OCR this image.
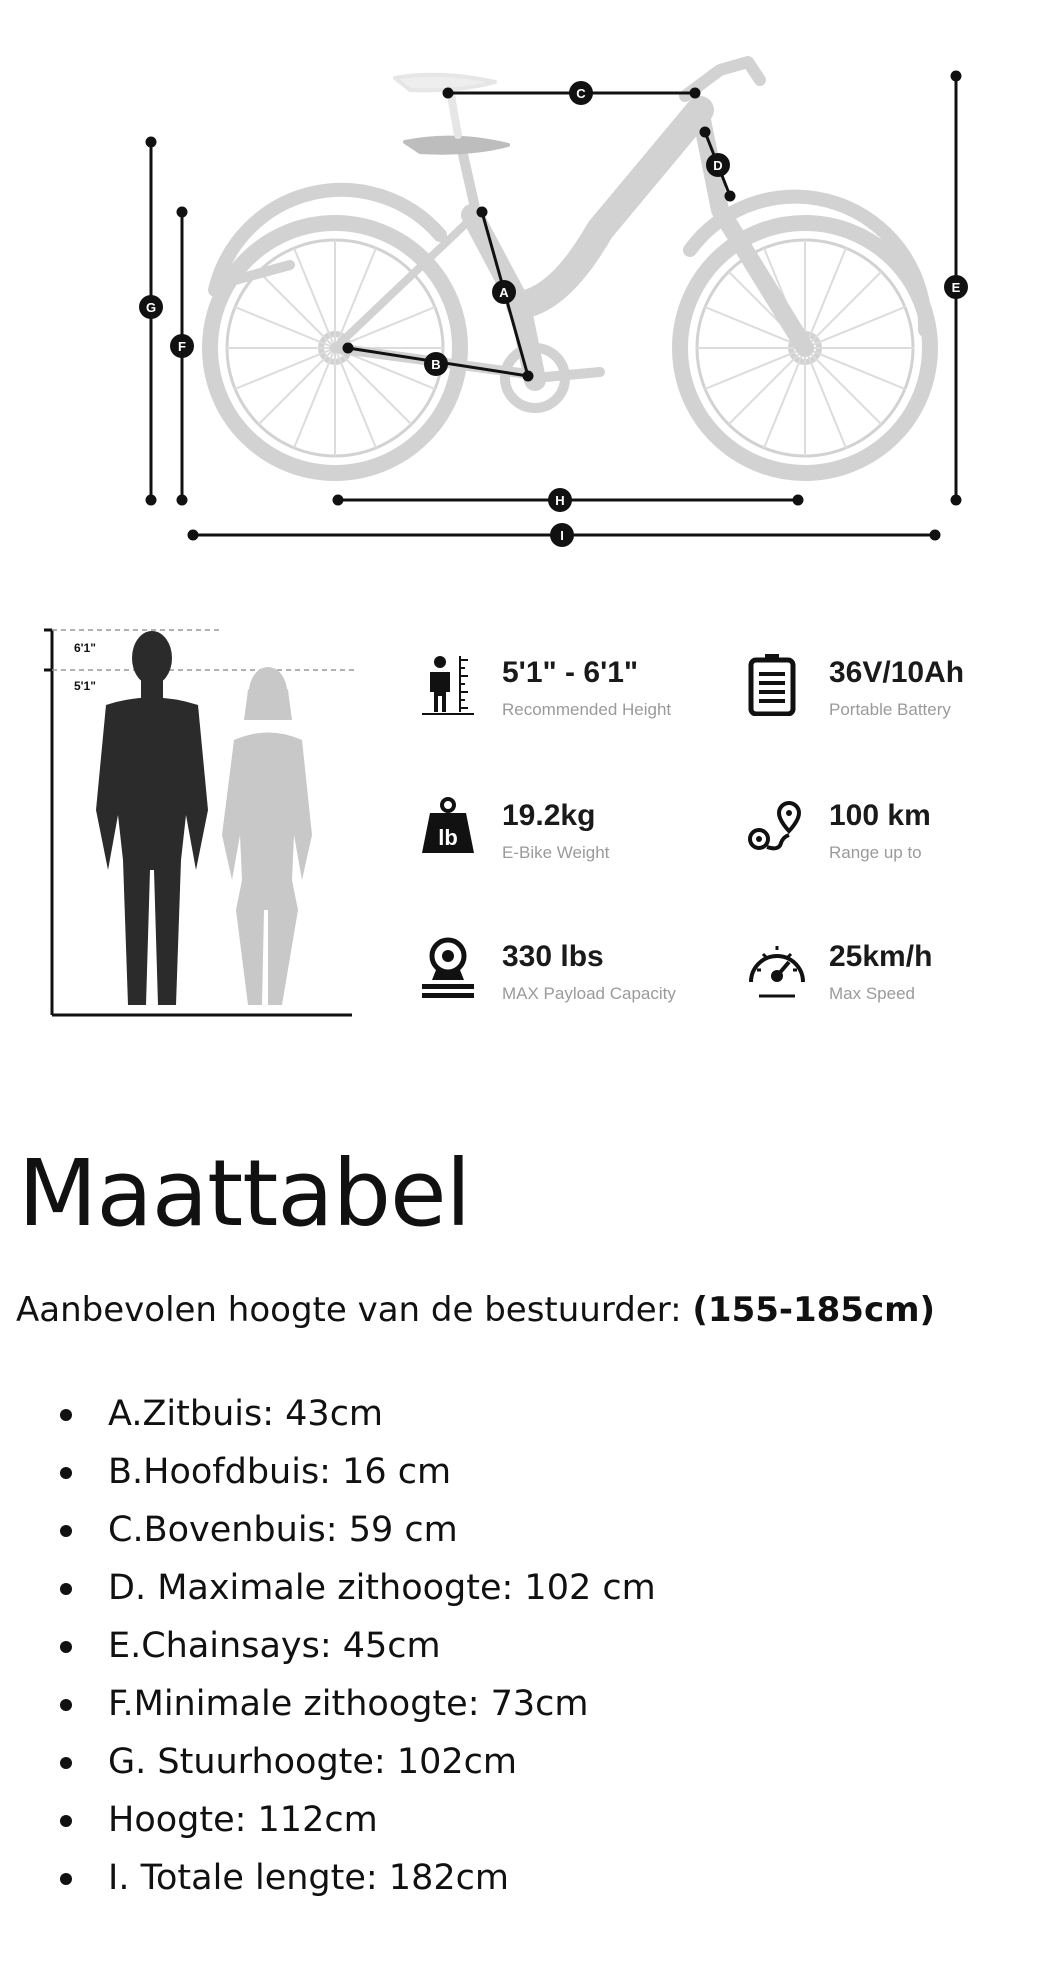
C
D
A
B
G
F
E
H
I
6'1"
5'1"	5'1" - 6'1"
Recommended Height
36V/10Ah
Portable Battery
lb
19.2kg
E-Bike Weight
100 km
Range up to
330 lbs
MAX Payload Capacity
25km/h
Max Speed
Maattabel
Aanbevolen hoogte van de bestuurder: (155-185cm)
A.Zitbuis: 43cm
B.Hoofdbuis: 16 cm
C.Bovenbuis: 59 cm
D. Maximale zithoogte: 102 cm
E.Chainsays: 45cm
F.Minimale zithoogte: 73cm
G. Stuurhoogte: 102cm
Hoogte: 112cm
I. Totale lengte: 182cm
